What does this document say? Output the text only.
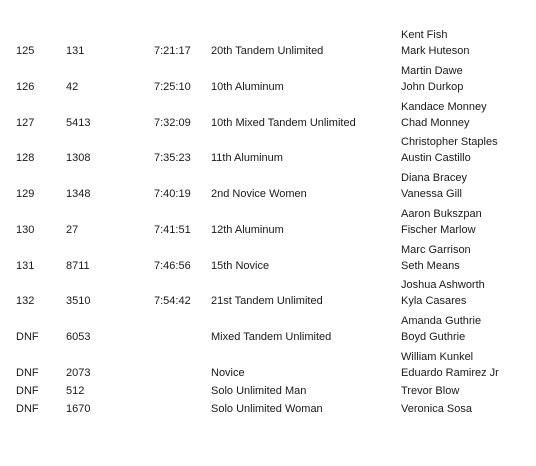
125	131	7:21:17 20th Tandem Unlimited
Kent Fish
Mark Huteson
126	42	7:25:10 10th Aluminum
Martin Dawe
John Durkop
127	5413	7:32:09 10th Mixed Tandem Unlimited
Kandace Monney
Chad Monney
128	1308	7:35:23 11th Aluminum
Christopher Staples
Austin Castillo
129	1348	7:40:19 2nd Novice Women
Diana Bracey
Vanessa Gill
130	27	7:41:51 12th Aluminum
Aaron Bukszpan
Fischer Marlow
131	8711	7:46:56 15th Novice
Marc Garrison
Seth Means
132	3510	7:54:42 21st Tandem Unlimited
Joshua Ashworth
Kyla Casares
DNF 6053	Mixed Tandem Unlimited
Amanda Guthrie
Boyd Guthrie
DNF 2073	Novice
William Kunkel
Eduardo Ramirez Jr
DNF 512	Solo Unlimited Man	Trevor Blow
DNF 1670	Solo Unlimited Woman	Veronica Sosa
